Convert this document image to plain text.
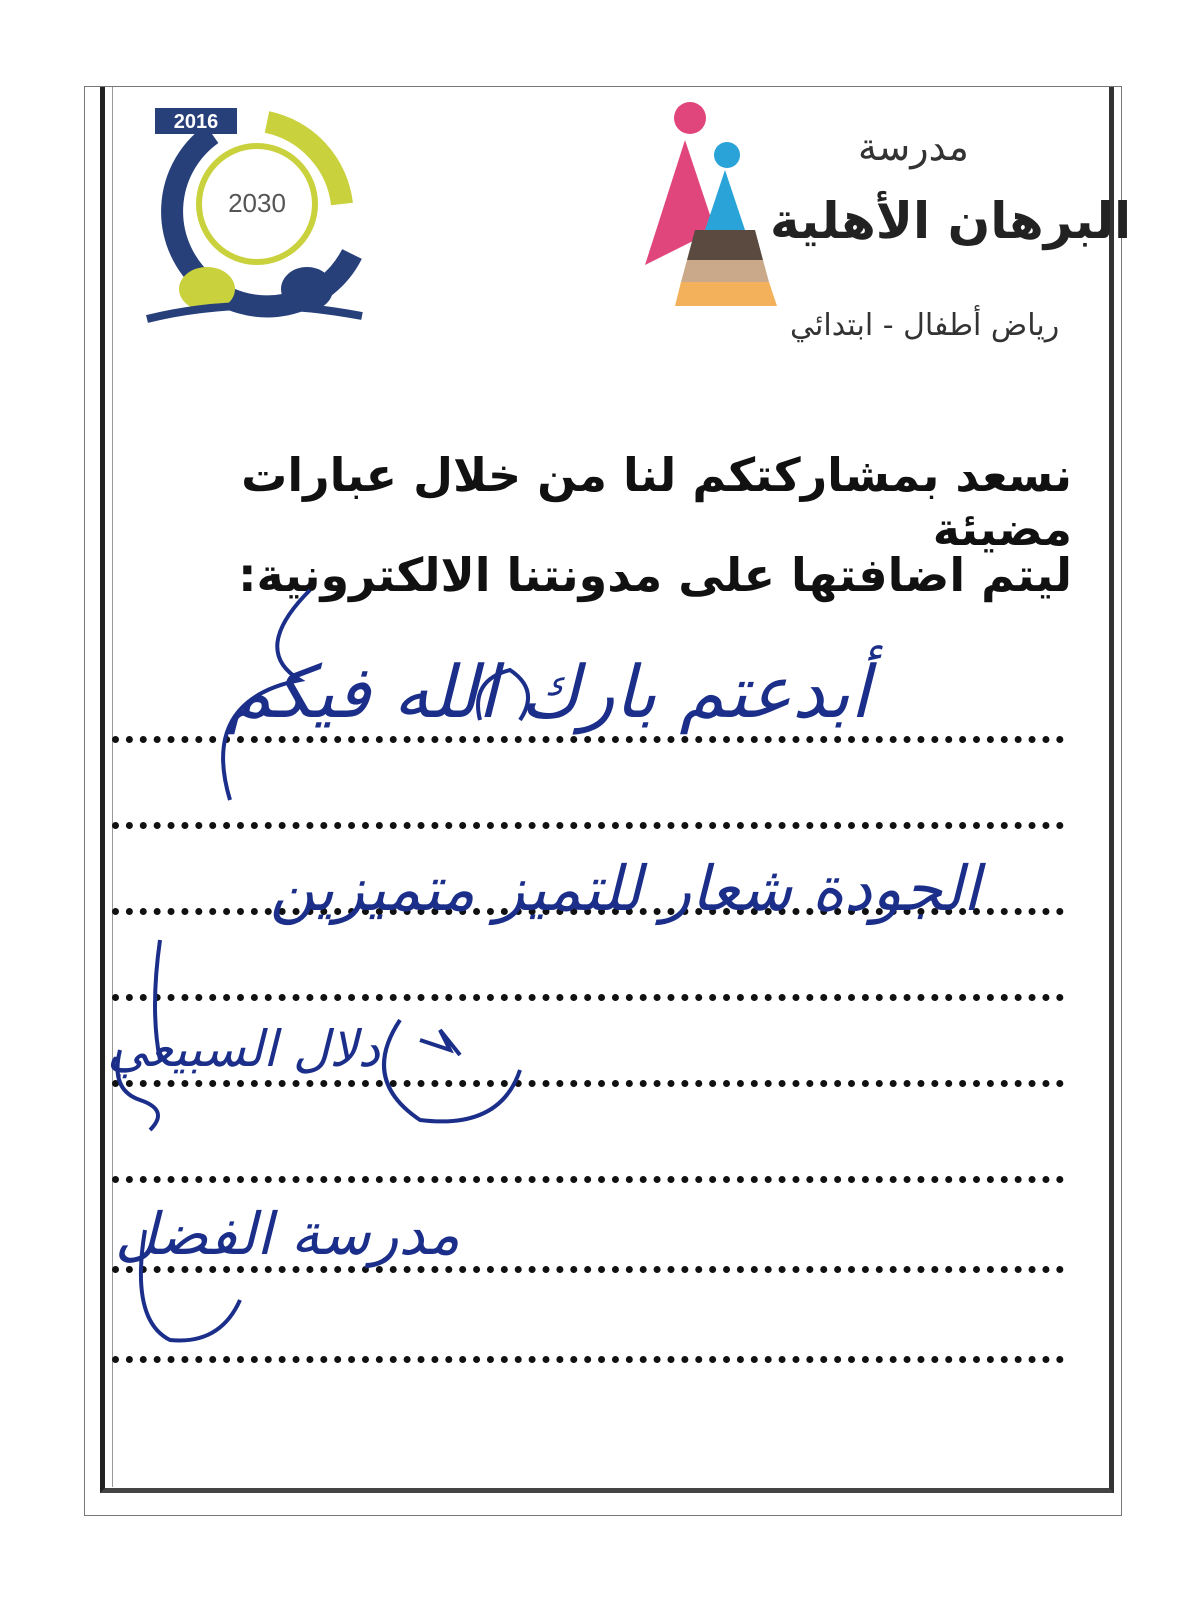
2016
2030
مدرسة
البرهان الأهلية
رياض أطفال - ابتدائي
نسعد بمشاركتكم لنا من خلال عبارات مضيئة
ليتم اضافتها على مدونتنا الالكترونية:
أبدعتم بارك الله فيكم
الجودة شعار للتميز متميزين
دلال السبيعي
مدرسة الفضل
